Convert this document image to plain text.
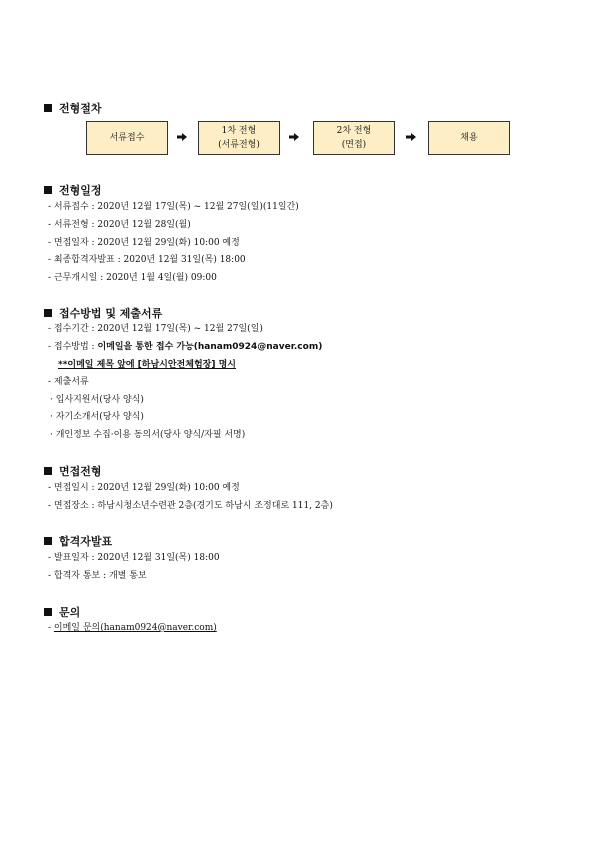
전형절차
서류접수
1차 전형
(서류전형)
2차 전형
(면접)
채용
전형일정
- 서류접수 : 2020년 12월 17일(목) ~ 12월 27일(일)(11일간)
- 서류전형 : 2020년 12월 28일(월)
- 면접일자 : 2020년 12월 29일(화) 10:00 예정
- 최종합격자발표 : 2020년 12월 31일(목) 18:00
- 근무개시일 : 2020년 1월 4일(월) 09:00
접수방법 및 제출서류
- 접수기간 : 2020년 12월 17일(목) ~ 12월 27일(일)
- 접수방법 : 이메일을 통한 접수 가능(hanam0924@naver.com)
**이메일 제목 앞에 [하남시안전체험장] 명시
- 제출서류
· 입사지원서(당사 양식)
· 자기소개서(당사 양식)
· 개인정보 수집·이용 동의서(당사 양식/자필 서명)
면접전형
- 면접일시 : 2020년 12월 29일(화) 10:00 예정
- 면접장소 : 하남시청소년수련관 2층(경기도 하남시 조정대로 111, 2층)
합격자발표
- 발표일자 : 2020년 12월 31일(목) 18:00
- 합격자 통보 : 개별 통보
문의
- 이메일 문의(hanam0924@naver.com)
